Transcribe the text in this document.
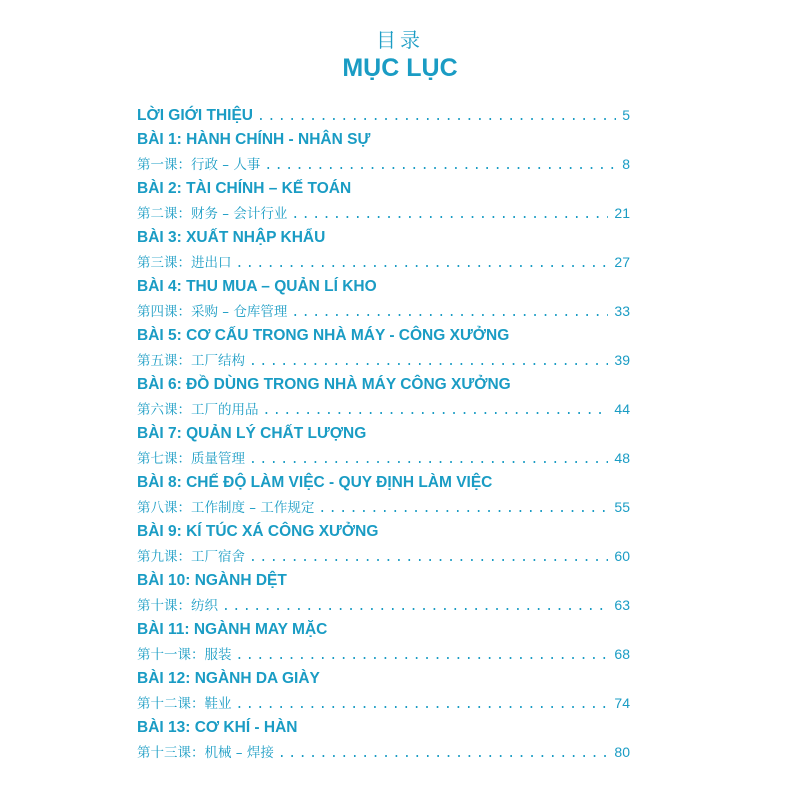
目录
MỤC LỤC
LỜI GIỚI THIỆU .....	5
BÀI 1: HÀNH CHÍNH - NHÂN SỰ
第一课：行政 – 人事 .....	8
BÀI 2: TÀI CHÍNH – KẾ TOÁN
第二课：财务 – 会计行业 .....	21
BÀI 3: XUẤT NHẬP KHẨU
第三课：进出口 .....	27
BÀI 4: THU MUA – QUẢN LÍ KHO
第四课：采购 – 仓库管理 .....	33
BÀI 5: CƠ CẤU TRONG NHÀ MÁY - CÔNG XƯỞNG
第五课：工厂结构 .....	39
BÀI 6: ĐỒ DÙNG TRONG NHÀ MÁY CÔNG XƯỞNG
第六课：工厂的用品 .....	44
BÀI 7: QUẢN LÝ CHẤT LƯỢNG
第七课：质量管理 .....	48
BÀI 8: CHẾ ĐỘ LÀM VIỆC - QUY ĐỊNH LÀM VIỆC
第八课：工作制度 – 工作规定 .....	55
BÀI 9: KÍ TÚC XÁ CÔNG XƯỞNG
第九课：工厂宿舍 .....	60
BÀI 10: NGÀNH DỆT
第十课：纺织 .....	63
BÀI 11: NGÀNH MAY MẶC
第十一课：服装 .....	68
BÀI 12: NGÀNH DA GIÀY
第十二课：鞋业 .....	74
BÀI 13: CƠ KHÍ - HÀN
第十三课：机械 – 焊接 .....	80
